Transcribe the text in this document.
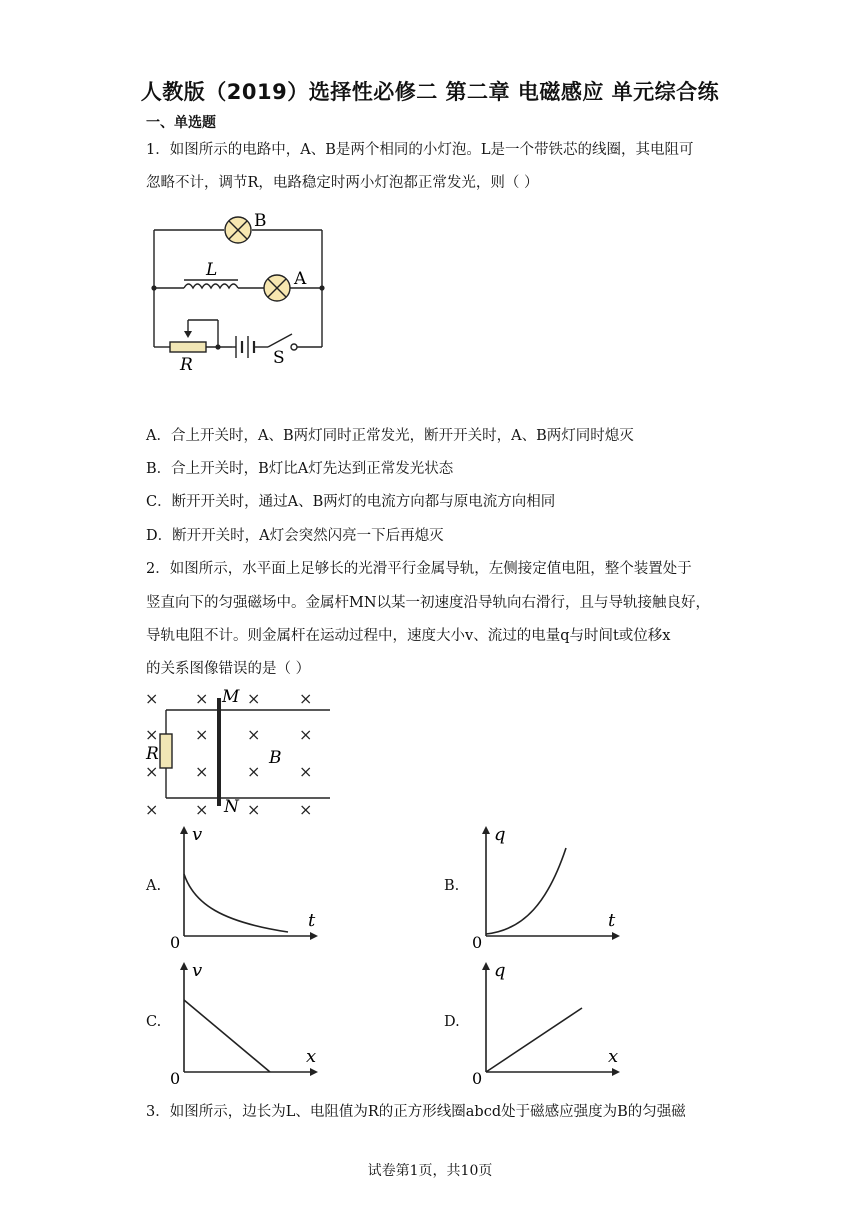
人教版（2019）选择性必修二 第二章 电磁感应 单元综合练
一、单选题
1．如图所示的电路中，A、B是两个相同的小灯泡。L是一个带铁芯的线圈，其电阻可
忽略不计，调节R，电路稳定时两小灯泡都正常发光，则（ ）
B
L	A
R	S
A．合上开关时，A、B两灯同时正常发光，断开开关时，A、B两灯同时熄灭
B．合上开关时，B灯比A灯先达到正常发光状态
C．断开开关时，通过A、B两灯的电流方向都与原电流方向相同
D．断开开关时，A灯会突然闪亮一下后再熄灭
2．如图所示，水平面上足够长的光滑平行金属导轨，左侧接定值电阻，整个装置处于
竖直向下的匀强磁场中。金属杆MN以某一初速度沿导轨向右滑行，且与导轨接触良好，
导轨电阻不计。则金属杆在运动过程中，速度大小v、流过的电量q与时间t或位移x
的关系图像错误的是（ ）
× × × ×
× × × ×
× × × ×
× × × ×
M
N
R	B
A.
v
t
0
B.
q
t
0
C.
v
x
0
D.
q
x
0
3．如图所示，边长为L、电阻值为R的正方形线圈abcd处于磁感应强度为B的匀强磁
试卷第1页，共10页
